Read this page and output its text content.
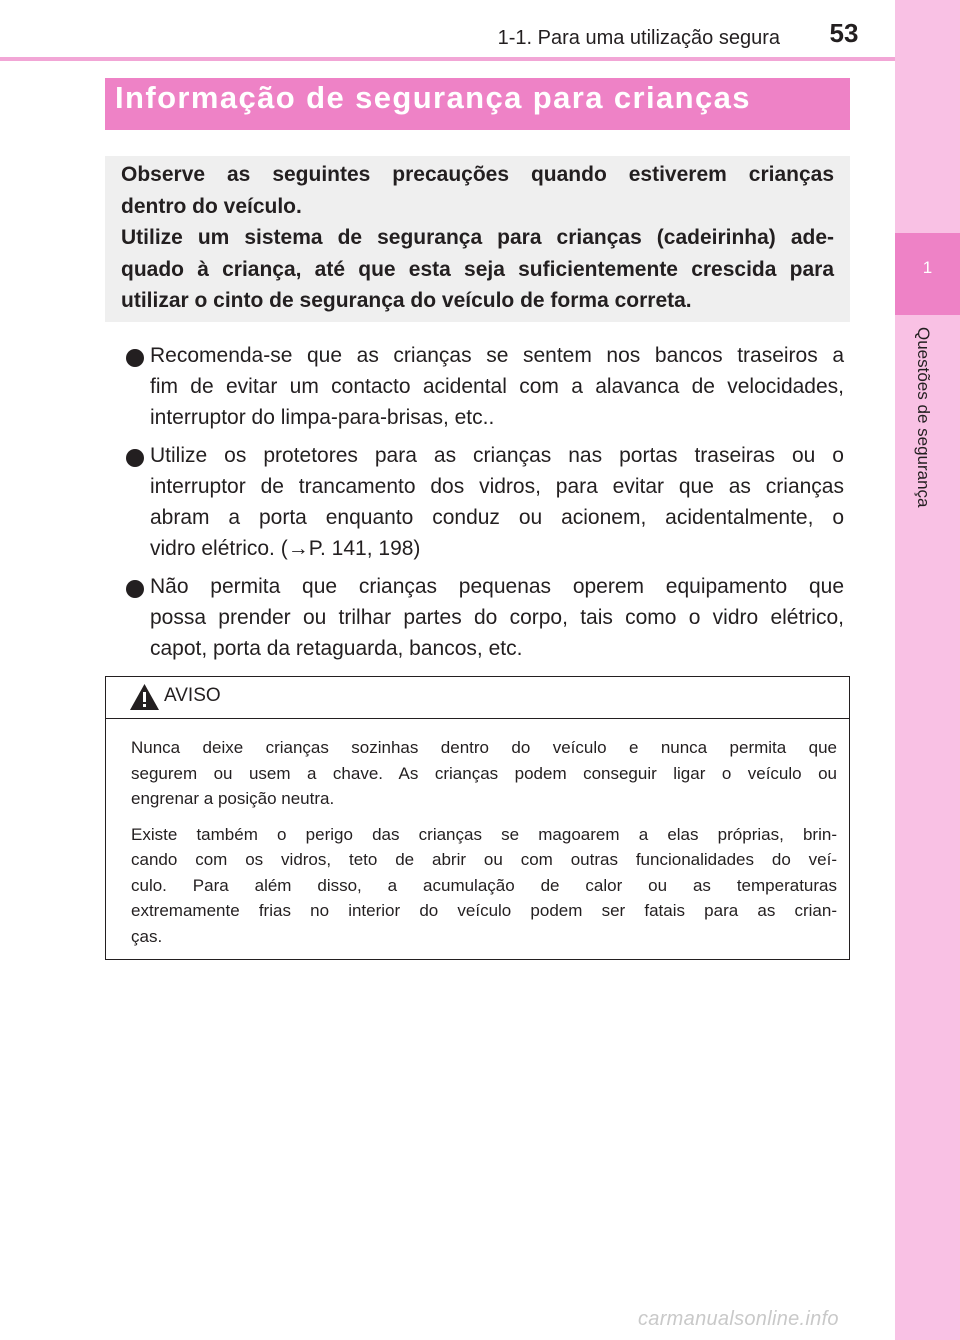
1-1. Para uma utilização segura	53
1
Questões de segurança
Informação de segurança para crianças
Observe as seguintes precauções quando estiverem crianças
dentro do veículo.
Utilize um sistema de segurança para crianças (cadeirinha) ade-
quado à criança, até que esta seja suficientemente crescida para
utilizar o cinto de segurança do veículo de forma correta.
Recomenda-se que as crianças se sentem nos bancos traseiros a
fim de evitar um contacto acidental com a alavanca de velocidades,
interruptor do limpa-para-brisas, etc..
Utilize os protetores para as crianças nas portas traseiras ou o
interruptor de trancamento dos vidros, para evitar que as crianças
abram a porta enquanto conduz ou acionem, acidentalmente, o
vidro elétrico. (→P. 141, 198)
Não permita que crianças pequenas operem equipamento que
possa prender ou trilhar partes do corpo, tais como o vidro elétrico,
capot, porta da retaguarda, bancos, etc.
AVISO
Nunca deixe crianças sozinhas dentro do veículo e nunca permita que
segurem ou usem a chave. As crianças podem conseguir ligar o veículo ou
engrenar a posição neutra.
Existe também o perigo das crianças se magoarem a elas próprias, brin-
cando com os vidros, teto de abrir ou com outras funcionalidades do veí-
culo. Para além disso, a acumulação de calor ou as temperaturas
extremamente frias no interior do veículo podem ser fatais para as crian-
ças.
carmanualsonline.info
